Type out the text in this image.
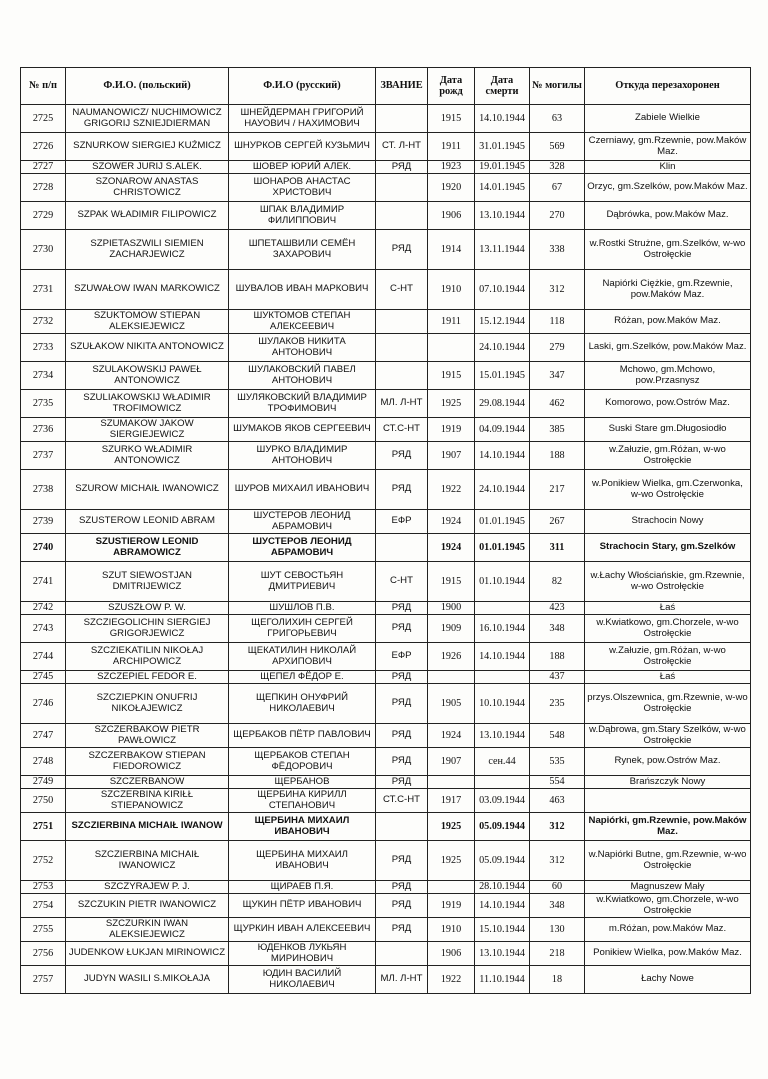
№ п/п	Ф.И.О. (польский)	Ф.И.О (русский)	ЗВАНИЕ	Дата рожд	Дата смерти	№ могилы	Откуда перезахоронен
2725	NAUMANOWICZ/ NUCHIMOWICZ GRIGORIJ SZNIEJDIERMAN	ШНЕЙДЕРМАН ГРИГОРИЙ НАУОВИЧ / НАХИМОВИЧ		1915	14.10.1944	63	Zabiele Wielkie
2726	SZNURKOW SIERGIEJ KUŹMICZ	ШНУРКОВ СЕРГЕЙ КУЗЬМИЧ	СТ. Л-НТ	1911	31.01.1945	569	Czerniawy, gm.Rzewnie, pow.Maków Maz.
2727	SZOWER JURIJ S.ALEK.	ШОВЕР ЮРИЙ АЛЕК.	РЯД	1923	19.01.1945	328	Klin
2728	SZONAROW ANASTAS CHRISTOWICZ	ШОНАРОВ АНАСТАС ХРИСТОВИЧ		1920	14.01.1945	67	Orzyc, gm.Szelków, pow.Maków Maz.
2729	SZPAK WŁADIMIR FILIPOWICZ	ШПАК ВЛАДИМИР ФИЛИППОВИЧ		1906	13.10.1944	270	Dąbrówka, pow.Maków Maz.
2730	SZPIETASZWILI SIEMIEN ZACHARJEWICZ	ШПЕТАШВИЛИ СЕМЁН ЗАХАРОВИЧ	РЯД	1914	13.11.1944	338	w.Rostki Strużne, gm.Szelków, w-wo Ostrołęckie
2731	SZUWAŁOW IWAN MARKOWICZ	ШУВАЛОВ ИВАН МАРКОВИЧ	С-НТ	1910	07.10.1944	312	Napiórki Ciężkie, gm.Rzewnie, pow.Maków Maz.
2732	SZUKTOMOW STIEPAN ALEKSIEJEWICZ	ШУКТОМОВ СТЕПАН АЛЕКСЕЕВИЧ		1911	15.12.1944	118	Różan, pow.Maków Maz.
2733	SZUŁAKOW NIKITA ANTONOWICZ	ШУЛАКОВ НИКИТА АНТОНОВИЧ			24.10.1944	279	Laski, gm.Szelków, pow.Maków Maz.
2734	SZULAKOWSKIJ PAWEŁ ANTONOWICZ	ШУЛАКОВСКИЙ ПАВЕЛ АНТОНОВИЧ		1915	15.01.1945	347	Mchowo, gm.Mchowo, pow.Przasnysz
2735	SZULIAKOWSKIJ WŁADIMIR TROFIMOWICZ	ШУЛЯКОВСКИЙ ВЛАДИМИР ТРОФИМОВИЧ	МЛ. Л-НТ	1925	29.08.1944	462	Komorowo, pow.Ostrów Maz.
2736	SZUMAKOW JAKOW SIERGIEJEWICZ	ШУМАКОВ ЯКОВ СЕРГЕЕВИЧ	СТ.С-НТ	1919	04.09.1944	385	Suski Stare gm.Długosiodło
2737	SZURKO WŁADIMIR ANTONOWICZ	ШУРКО ВЛАДИМИР АНТОНОВИЧ	РЯД	1907	14.10.1944	188	w.Załuzie, gm.Różan, w-wo Ostrołęckie
2738	SZUROW MICHAIŁ IWANOWICZ	ШУРОВ МИХАИЛ ИВАНОВИЧ	РЯД	1922	24.10.1944	217	w.Ponikiew Wielka, gm.Czerwonka, w-wo Ostrołęckie
2739	SZUSTEROW LEONID ABRAM	ШУСТЕРОВ ЛЕОНИД АБРАМОВИЧ	ЕФР	1924	01.01.1945	267	Strachocin Nowy
2740	SZUSTIEROW LEONID ABRAMOWICZ	ШУСТЕРОВ ЛЕОНИД АБРАМОВИЧ		1924	01.01.1945	311	Strachocin Stary, gm.Szelków
2741	SZUT SIEWOSTJAN DMITRIJEWICZ	ШУТ СЕВОСТЬЯН ДМИТРИЕВИЧ	С-НТ	1915	01.10.1944	82	w.Łachy Włościańskie, gm.Rzewnie, w-wo Ostrołęckie
2742	SZUSZŁOW P. W.	ШУШЛОВ П.В.	РЯД	1900		423	Łaś
2743	SZCZIEGOLICHIN SIERGIEJ GRIGORJEWICZ	ЩЕГОЛИХИН СЕРГЕЙ ГРИГОРЬЕВИЧ	РЯД	1909	16.10.1944	348	w.Kwiatkowo, gm.Chorzele, w-wo Ostrołęckie
2744	SZCZIEKATILIN NIKOŁAJ ARCHIPOWICZ	ЩЕКАТИЛИН НИКОЛАЙ АРХИПОВИЧ	ЕФР	1926	14.10.1944	188	w.Załuzie, gm.Różan, w-wo Ostrołęckie
2745	SZCZEPIEL FEDOR E.	ЩЕПЕЛ ФЁДОР Е.	РЯД			437	Łaś
2746	SZCZIEPKIN ONUFRIJ NIKOŁAJEWICZ	ЩЕПКИН ОНУФРИЙ НИКОЛАЕВИЧ	РЯД	1905	10.10.1944	235	przys.Olszewnica, gm.Rzewnie, w-wo Ostrołęckie
2747	SZCZERBAKOW PIETR PAWŁOWICZ	ЩЕРБАКОВ ПЁТР ПАВЛОВИЧ	РЯД	1924	13.10.1944	548	w.Dąbrowa, gm.Stary Szelków, w-wo Ostrołęckie
2748	SZCZERBAKOW STIEPAN FIEDOROWICZ	ЩЕРБАКОВ СТЕПАН ФЁДОРОВИЧ	РЯД	1907	сен.44	535	Rynek, pow.Ostrów Maz.
2749	SZCZERBANOW	ЩЕРБАНОВ	РЯД			554	Brańszczyk Nowy
2750	SZCZERBINA KIRIŁŁ STIEPANOWICZ	ЩЕРБИНА КИРИЛЛ СТЕПАНОВИЧ	СТ.С-НТ	1917	03.09.1944	463	
2751	SZCZIERBINA MICHAIŁ IWANOW	ЩЕРБИНА МИХАИЛ ИВАНОВИЧ		1925	05.09.1944	312	Napiórki, gm.Rzewnie, pow.Maków Maz.
2752	SZCZIERBINA MICHAIŁ IWANOWICZ	ЩЕРБИНА МИХАИЛ ИВАНОВИЧ	РЯД	1925	05.09.1944	312	w.Napiórki Butne, gm.Rzewnie, w-wo Ostrołęckie
2753	SZCZYRAJEW P. J.	ЩИРАЕВ П.Я.	РЯД		28.10.1944	60	Magnuszew Mały
2754	SZCZUKIN PIETR IWANOWICZ	ЩУКИН ПЁТР ИВАНОВИЧ	РЯД	1919	14.10.1944	348	w.Kwiatkowo, gm.Chorzele, w-wo Ostrołęckie
2755	SZCZURKIN IWAN ALEKSIEJEWICZ	ЩУРКИН ИВАН АЛЕКСЕЕВИЧ	РЯД	1910	15.10.1944	130	m.Różan, pow.Maków Maz.
2756	JUDENKOW ŁUKJAN MIRINOWICZ	ЮДЕНКОВ ЛУКЬЯН МИРИНОВИЧ		1906	13.10.1944	218	Ponikiew Wielka, pow.Maków Maz.
2757	JUDYN WASILI S.MIKOŁAJA	ЮДИН ВАСИЛИЙ НИКОЛАЕВИЧ	МЛ. Л-НТ	1922	11.10.1944	18	Łachy Nowe
